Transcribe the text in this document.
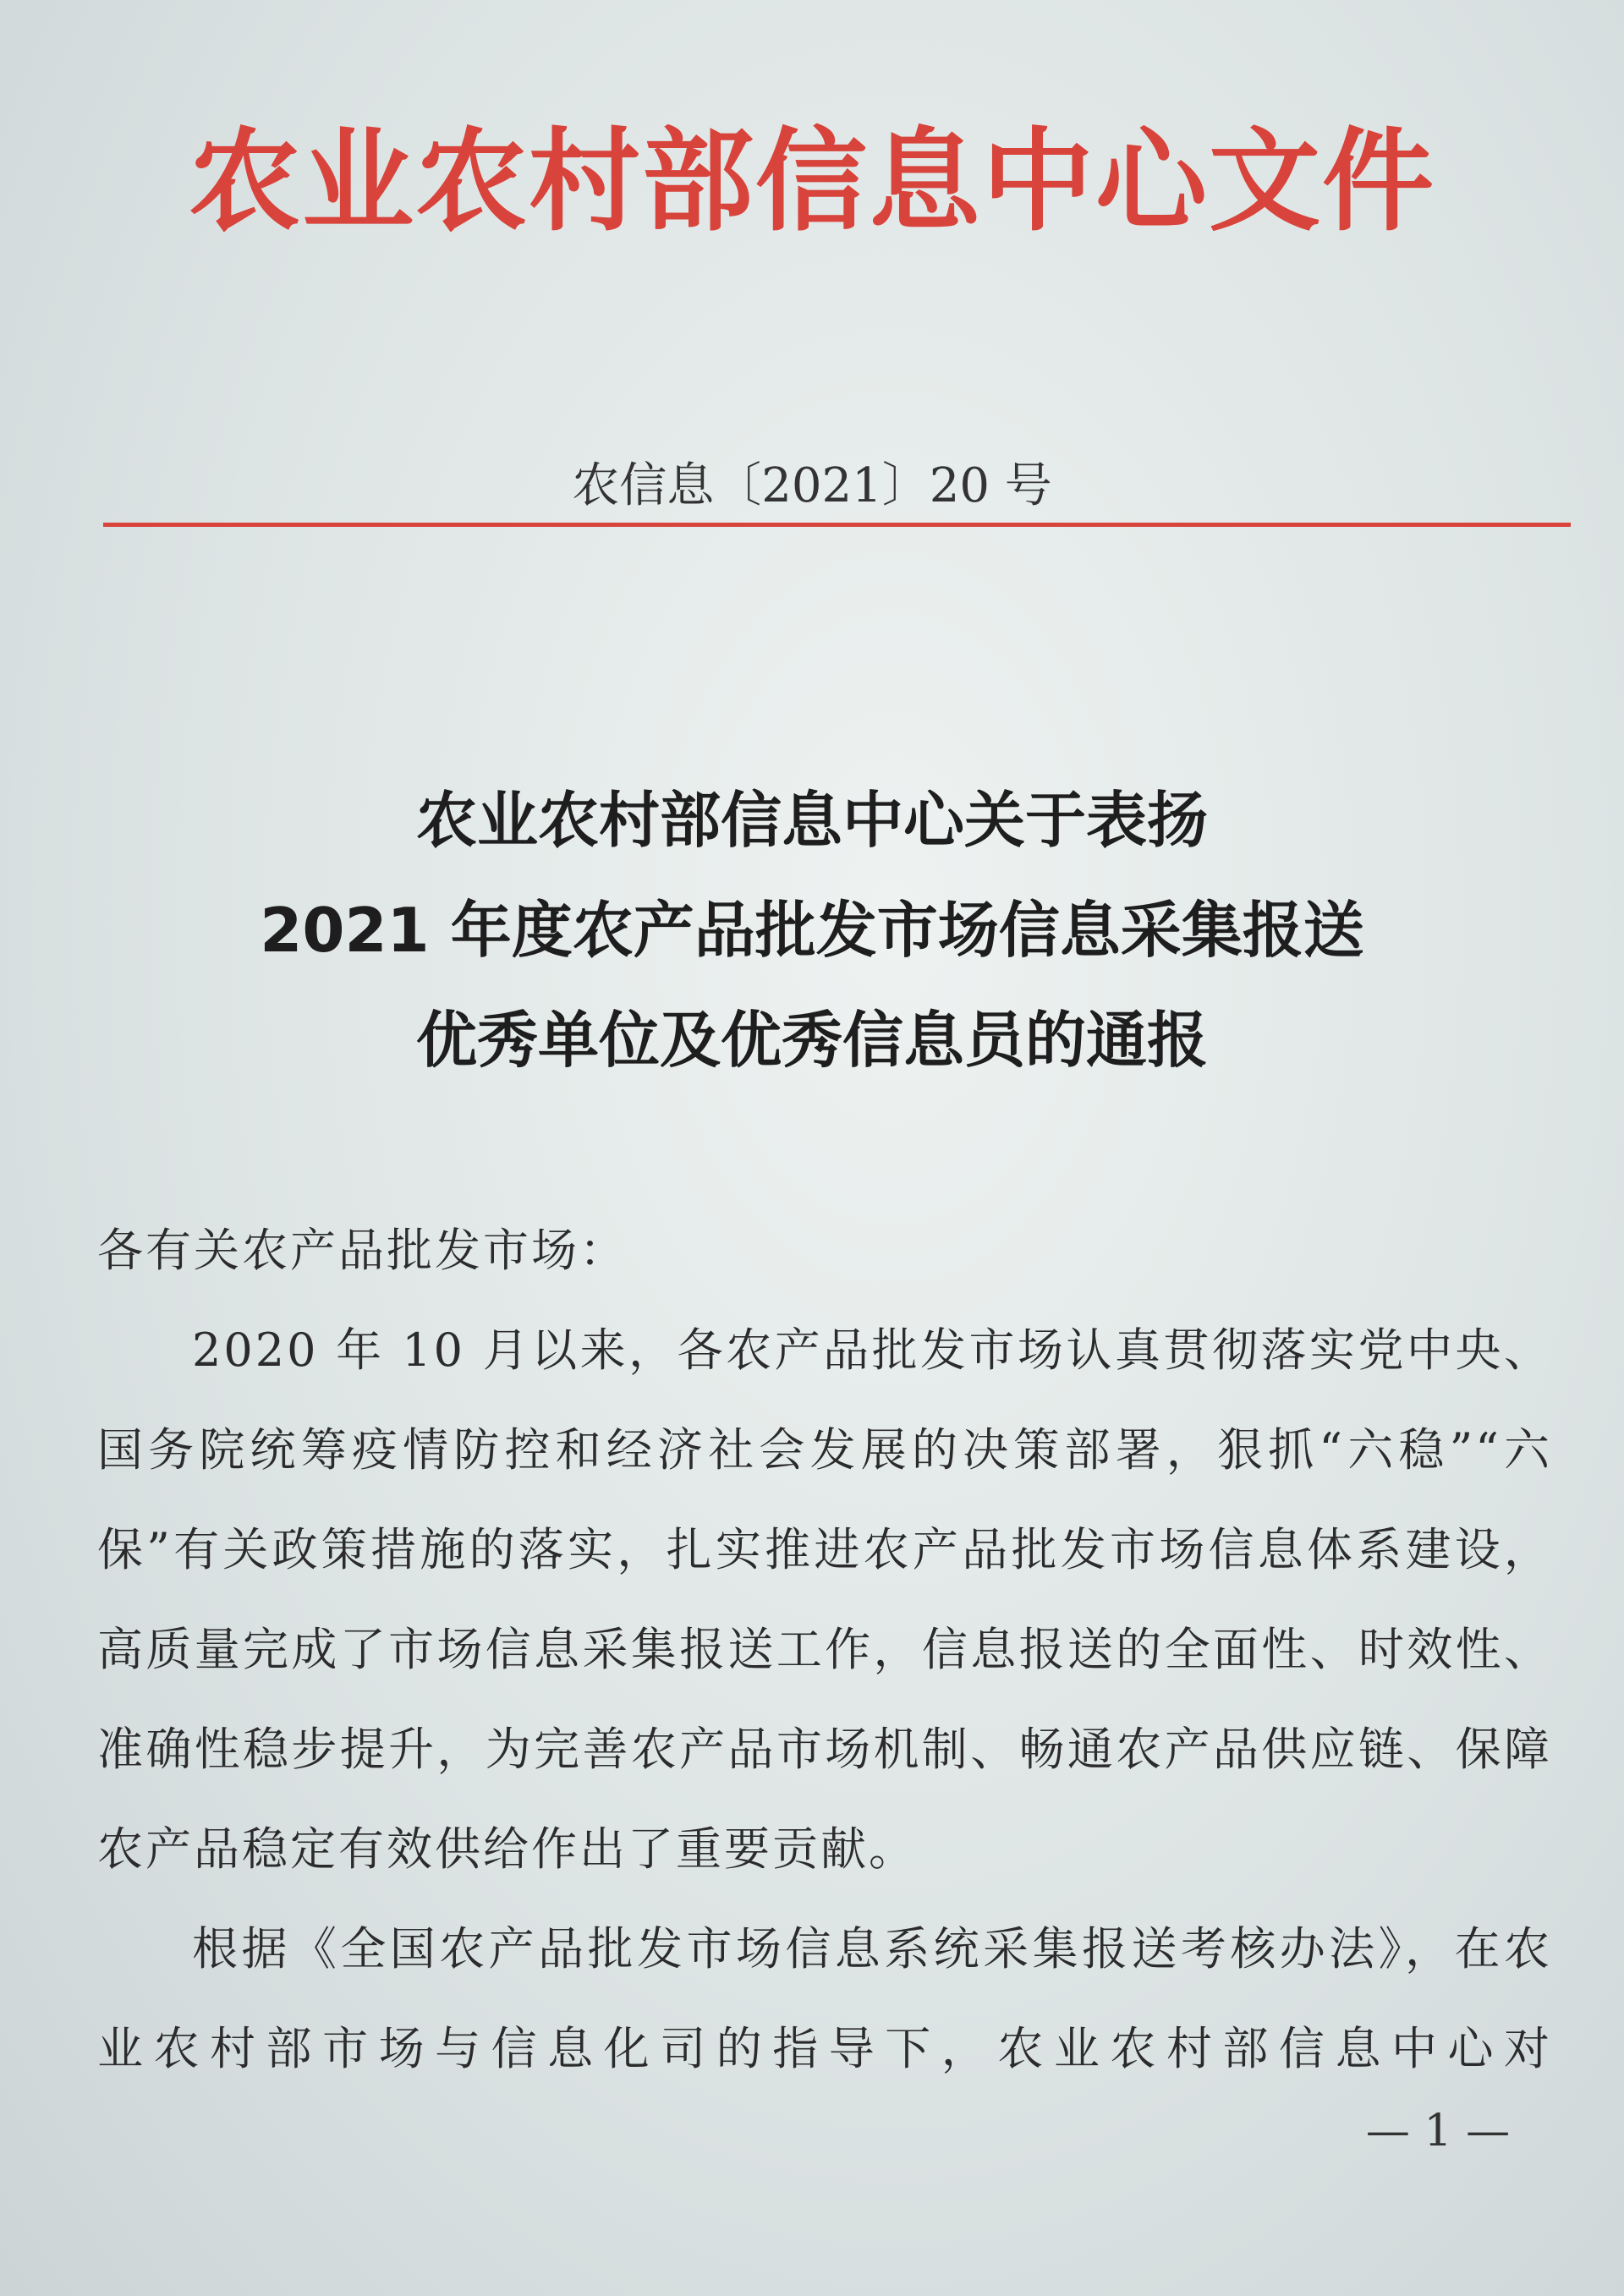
农业农村部信息中心文件
农信息〔2021〕20 号
农业农村部信息中心关于表扬
2021 年度农产品批发市场信息采集报送
优秀单位及优秀信息员的通报

各有关农产品批发市场：

2020 年 10 月以来，各农产品批发市场认真贯彻落实党中央、国务院统筹疫情防控和经济社会发展的决策部署，狠抓“六稳”“六保”有关政策措施的落实，扎实推进农产品批发市场信息体系建设，高质量完成了市场信息采集报送工作，信息报送的全面性、时效性、准确性稳步提升，为完善农产品市场机制、畅通农产品供应链、保障农产品稳定有效供给作出了重要贡献。

根据《全国农产品批发市场信息系统采集报送考核办法》，在农业农村部市场与信息化司的指导下，农业农村部信息中心对

— 1 —
